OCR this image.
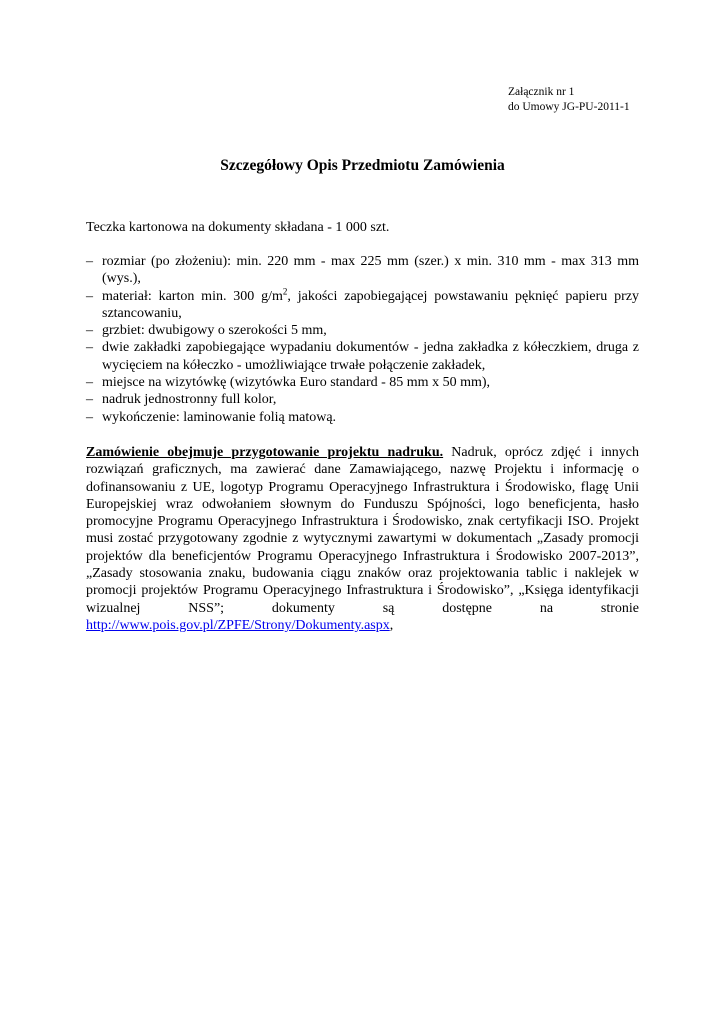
Załącznik nr 1
do Umowy JG-PU-2011-1
Szczegółowy Opis Przedmiotu Zamówienia

Teczka kartonowa na dokumenty składana - 1 000 szt.

– rozmiar (po złożeniu): min. 220 mm - max 225 mm (szer.) x min. 310 mm - max 313 mm (wys.),
– materiał: karton min. 300 $g/m^2$, jakości zapobiegającej powstawaniu pęknięć papieru przy sztancowaniu,
– grzbiet: dwubigowy o szerokości 5 mm,
– dwie zakładki zapobiegające wypadaniu dokumentów - jedna zakładka z kółeczkiem, druga z wycięciem na kółeczko - umożliwiające trwałe połączenie zakładek,
– miejsce na wizytówkę (wizytówka Euro standard - 85 mm x 50 mm),
– nadruk jednostronny full kolor,
– wykończenie: laminowanie folią matową.

Zamówienie obejmuje przygotowanie projektu nadruku. Nadruk, oprócz zdjęć i innych rozwiązań graficznych, ma zawierać dane Zamawiającego, nazwę Projektu i informację o dofinansowaniu z UE, logotyp Programu Operacyjnego Infrastruktura i Środowisko, flagę Unii Europejskiej wraz odwołaniem słownym do Funduszu Spójności, logo beneficjenta, hasło promocyjne Programu Operacyjnego Infrastruktura i Środowisko, znak certyfikacji ISO. Projekt musi zostać przygotowany zgodnie z wytycznymi zawartymi w dokumentach „Zasady promocji projektów dla beneficjentów Programu Operacyjnego Infrastruktura i Środowisko 2007-2013”, „Zasady stosowania znaku, budowania ciągu znaków oraz projektowania tablic i naklejek w promocji projektów Programu Operacyjnego Infrastruktura i Środowisko”, „Księga identyfikacji wizualnej NSS”; dokumenty są dostępne na stronie http://www.pois.gov.pl/ZPFE/Strony/Dokumenty.aspx,
